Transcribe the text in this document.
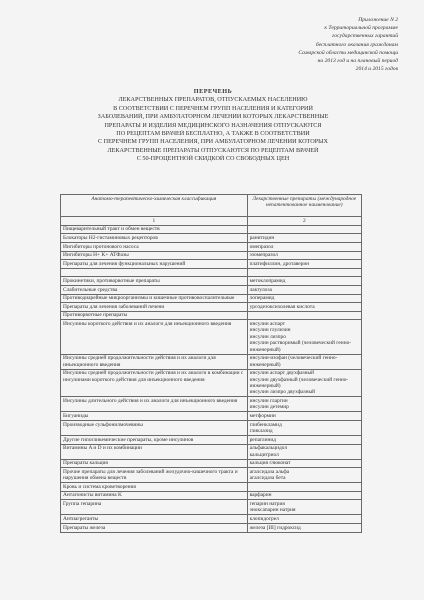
Приложение N 2
к Территориальной программе
государственных гарантий
бесплатного оказания гражданам
Самарской области медицинской помощи
на 2013 год и на плановый период
2014 и 2015 годов
ПЕРЕЧЕНЬ
ЛЕКАРСТВЕННЫХ ПРЕПАРАТОВ, ОТПУСКАЕМЫХ НАСЕЛЕНИЮ
В СООТВЕТСТВИИ С ПЕРЕЧНЕМ ГРУПП НАСЕЛЕНИЯ И КАТЕГОРИЙ
ЗАБОЛЕВАНИЙ, ПРИ АМБУЛАТОРНОМ ЛЕЧЕНИИ КОТОРЫХ ЛЕКАРСТВЕННЫЕ
ПРЕПАРАТЫ И ИЗДЕЛИЯ МЕДИЦИНСКОГО НАЗНАЧЕНИЯ ОТПУСКАЮТСЯ
ПО РЕЦЕПТАМ ВРАЧЕЙ БЕСПЛАТНО, А ТАКЖЕ В СООТВЕТСТВИИ
С ПЕРЕЧНЕМ ГРУПП НАСЕЛЕНИЯ, ПРИ АМБУЛАТОРНОМ ЛЕЧЕНИИ КОТОРЫХ
ЛЕКАРСТВЕННЫЕ ПРЕПАРАТЫ ОТПУСКАЮТСЯ ПО РЕЦЕПТАМ ВРАЧЕЙ
С 50-ПРОЦЕНТНОЙ СКИДКОЙ СО СВОБОДНЫХ ЦЕН
Анатомо-терапевтическо-химическая классификация	Лекарственные препараты (международное непатентованное наименование)
1	2

Пищеварительный тракт и обмен веществ	

Блокаторы H2-гистаминовых рецепторов	ранитидин

Ингибиторы протонового насоса	омепразол

Ингибиторы H+ K+ АТФазы	эзомепразол

Препараты для лечения функциональных нарушений	платифиллин, дротаверин

Прокинетики, противорвотные препараты	метоклопрамид

Слабительные средства	лактулоза

Противодиарейные микроорганизмы и кишечные противовоспалительные	лоперамид

Препараты для лечения заболеваний печени	урсодезоксихолевая кислота

Противорвотные препараты	

Инсулины короткого действия и их аналоги для инъекционного введения	инсулин аспарт
инсулин глулизин
инсулин лизпро
инсулин растворимый (человеческий генно-инженерный)

Инсулины средней продолжительности действия и их аналоги для инъекционного введения	инсулин-изофан (человеческий генно-инженерный)

Инсулины средней продолжительности действия и их аналоги в комбинации с инсулинами короткого действия для инъекционного введения	инсулин аспарт двухфазный
инсулин двухфазный (человеческий генно-инженерный)
инсулин лизпро двухфазный

Инсулины длительного действия и их аналоги для инъекционного введения	инсулин гларгин
инсулин детемир

Бигуаниды	метформин

Производные сульфонилмочевины	глибенкламид
гликлазид

Другие гипогликемические препараты, кроме инсулинов	репаглинид

Витамины A и D и их комбинации	альфакальцидол
кальцитриол

Препараты кальция	кальция глюконат

Прочие препараты для лечения заболеваний желудочно-кишечного тракта и нарушения обмена веществ	агалсидаза альфа
агалсидаза бета

Кровь и система кроветворения	

Антагонисты витамина K	варфарин

Группа гепарина	гепарин натрия
эноксапарин натрия

Антиагреганты	клопидогрел

Препараты железа	железа [III] гидроксид
